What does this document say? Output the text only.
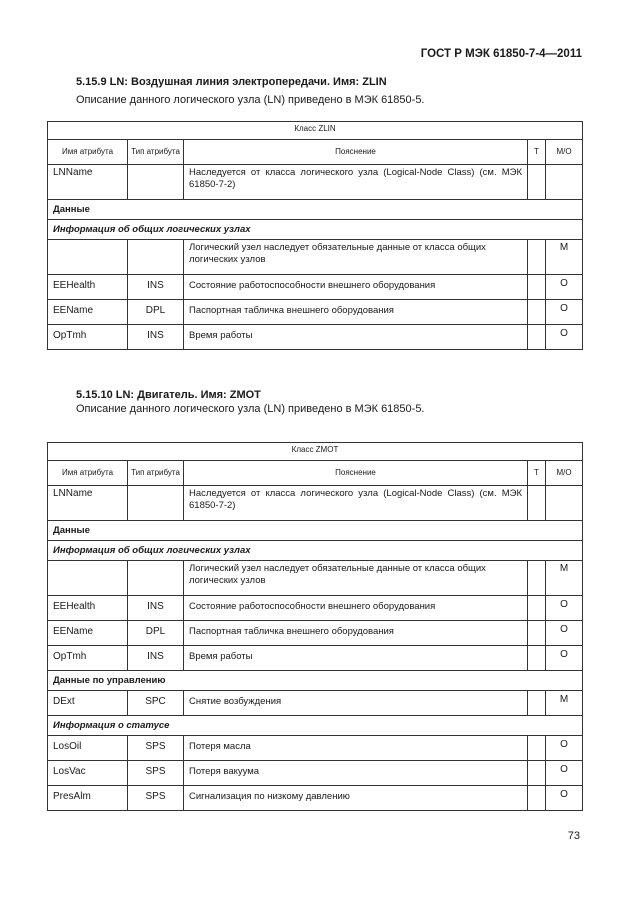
ГОСТ Р МЭК 61850-7-4—2011
5.15.9 LN: Воздушная линия электропередачи. Имя: ZLIN
Описание данного логического узла (LN) приведено в МЭК 61850-5.
Класс ZLIN				
Имя атрибута	Тип атрибута	Пояснение	Т	М/О
LNName		Наследуется от класса логического узла (Logical-Node Class) (см. МЭК 61850-7-2)		
Данные				
Информация об общих логических узлах				
		Логический узел наследует обязательные данные от класса общих логических узлов		M
EEHealth	INS	Состояние работоспособности внешнего оборудования		O
EEName	DPL	Паспортная табличка внешнего оборудования		O
OpTmh	INS	Время работы		O
5.15.10 LN: Двигатель. Имя: ZMOT
Описание данного логического узла (LN) приведено в МЭК 61850-5.
Класс ZMOT				
Имя атрибута	Тип атрибута	Пояснение	Т	М/О
LNName		Наследуется от класса логического узла (Logical-Node Class) (см. МЭК 61850-7-2)		
Данные				
Информация об общих логических узлах				
		Логический узел наследует обязательные данные от класса общих логических узлов		M
EEHealth	INS	Состояние работоспособности внешнего оборудования		O
EEName	DPL	Паспортная табличка внешнего оборудования		O
OpTmh	INS	Время работы		O
Данные по управлению				
DExt	SPC	Снятие возбуждения		M
Информация о статусе				
LosOil	SPS	Потеря масла		O
LosVac	SPS	Потеря вакуума		O
PresAlm	SPS	Сигнализация по низкому давлению		O
73
